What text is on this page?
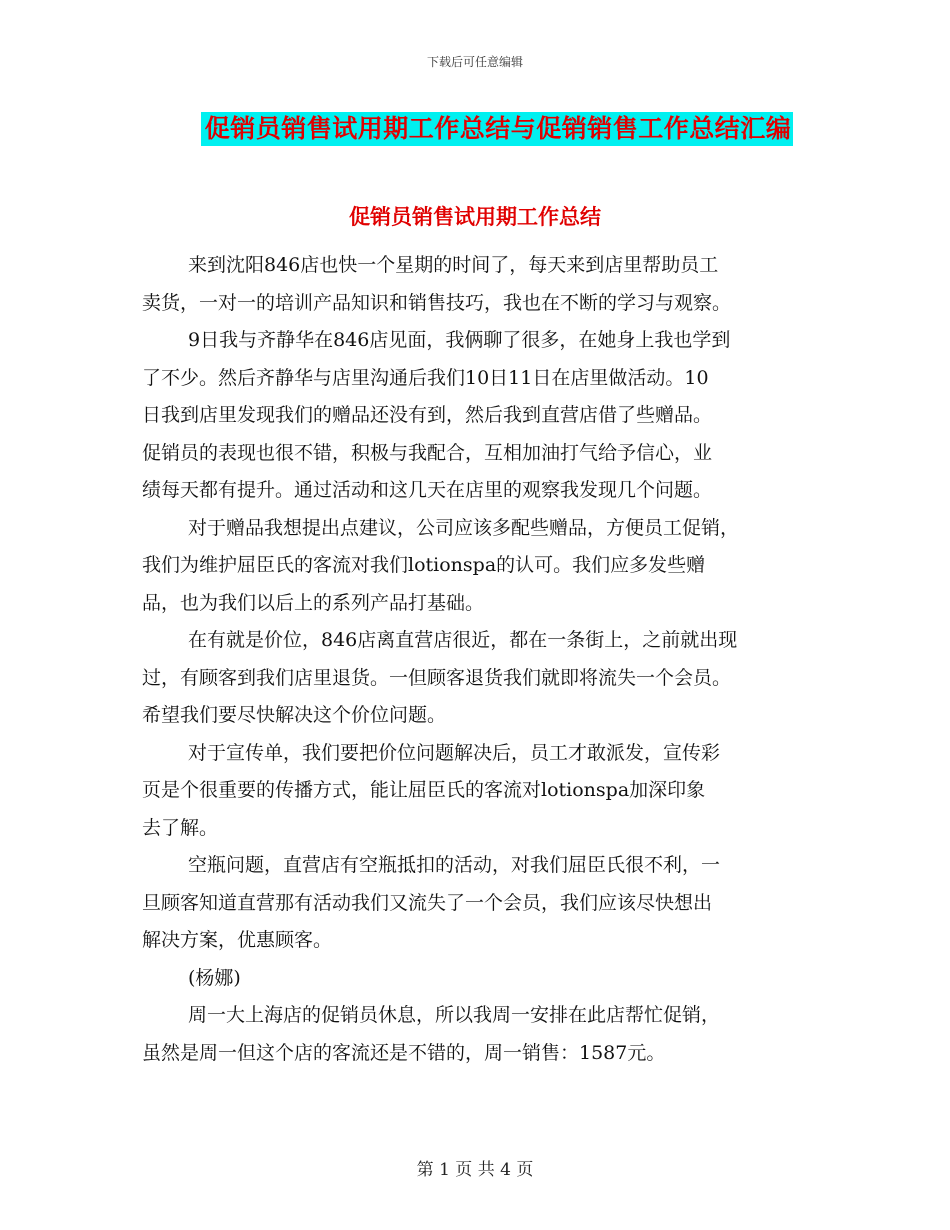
下载后可任意编辑
促销员销售试用期工作总结与促销销售工作总结汇编
促销员销售试用期工作总结

来到沈阳846店也快一个星期的时间了，每天来到店里帮助员工
卖货，一对一的培训产品知识和销售技巧，我也在不断的学习与观察。

9日我与齐静华在846店见面，我俩聊了很多，在她身上我也学到
了不少。然后齐静华与店里沟通后我们10日11日在店里做活动。10
日我到店里发现我们的赠品还没有到，然后我到直营店借了些赠品。
促销员的表现也很不错，积极与我配合，互相加油打气给予信心，业
绩每天都有提升。通过活动和这几天在店里的观察我发现几个问题。

对于赠品我想提出点建议，公司应该多配些赠品，方便员工促销，
我们为维护屈臣氏的客流对我们lotionspa的认可。我们应多发些赠
品，也为我们以后上的系列产品打基础。

在有就是价位，846店离直营店很近，都在一条街上，之前就出现
过，有顾客到我们店里退货。一但顾客退货我们就即将流失一个会员。
希望我们要尽快解决这个价位问题。

对于宣传单，我们要把价位问题解决后，员工才敢派发，宣传彩
页是个很重要的传播方式，能让屈臣氏的客流对lotionspa加深印象
去了解。

空瓶问题，直营店有空瓶抵扣的活动，对我们屈臣氏很不利，一
旦顾客知道直营那有活动我们又流失了一个会员，我们应该尽快想出
解决方案，优惠顾客。

(杨娜)

周一大上海店的促销员休息，所以我周一安排在此店帮忙促销，
虽然是周一但这个店的客流还是不错的，周一销售：1587元。

第 1 页 共 4 页
